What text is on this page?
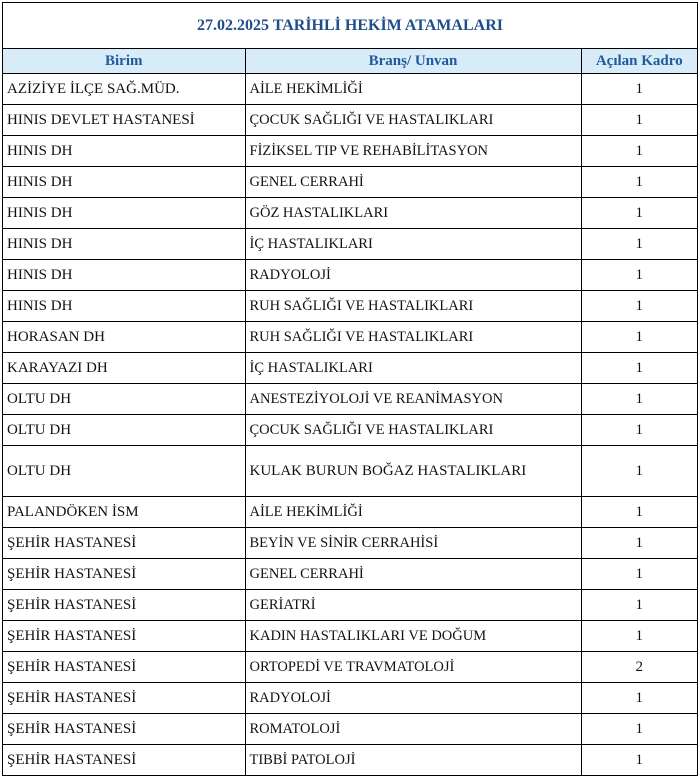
27.02.2025 TARİHLİ HEKİM ATAMALARI
Birim	Branş/ Unvan	Açılan Kadro
AZİZİYE İLÇE SAĞ.MÜD.	AİLE HEKİMLİĞİ	1
HINIS DEVLET HASTANESİ	ÇOCUK SAĞLIĞI VE HASTALIKLARI	1
HINIS DH	FİZİKSEL TIP VE REHABİLİTASYON	1
HINIS DH	GENEL CERRAHİ	1
HINIS DH	GÖZ HASTALIKLARI	1
HINIS DH	İÇ HASTALIKLARI	1
HINIS DH	RADYOLOJİ	1
HINIS DH	RUH SAĞLIĞI VE HASTALIKLARI	1
HORASAN DH	RUH SAĞLIĞI VE HASTALIKLARI	1
KARAYAZI DH	İÇ HASTALIKLARI	1
OLTU DH	ANESTEZİYOLOJİ VE REANİMASYON	1
OLTU DH	ÇOCUK SAĞLIĞI VE HASTALIKLARI	1
OLTU DH	KULAK BURUN BOĞAZ HASTALIKLARI	1
PALANDÖKEN İSM	AİLE HEKİMLİĞİ	1
ŞEHİR HASTANESİ	BEYİN VE SİNİR CERRAHİSİ	1
ŞEHİR HASTANESİ	GENEL CERRAHİ	1
ŞEHİR HASTANESİ	GERİATRİ	1
ŞEHİR HASTANESİ	KADIN HASTALIKLARI VE DOĞUM	1
ŞEHİR HASTANESİ	ORTOPEDİ VE TRAVMATOLOJİ	2
ŞEHİR HASTANESİ	RADYOLOJİ	1
ŞEHİR HASTANESİ	ROMATOLOJİ	1
ŞEHİR HASTANESİ	TIBBİ PATOLOJİ	1
